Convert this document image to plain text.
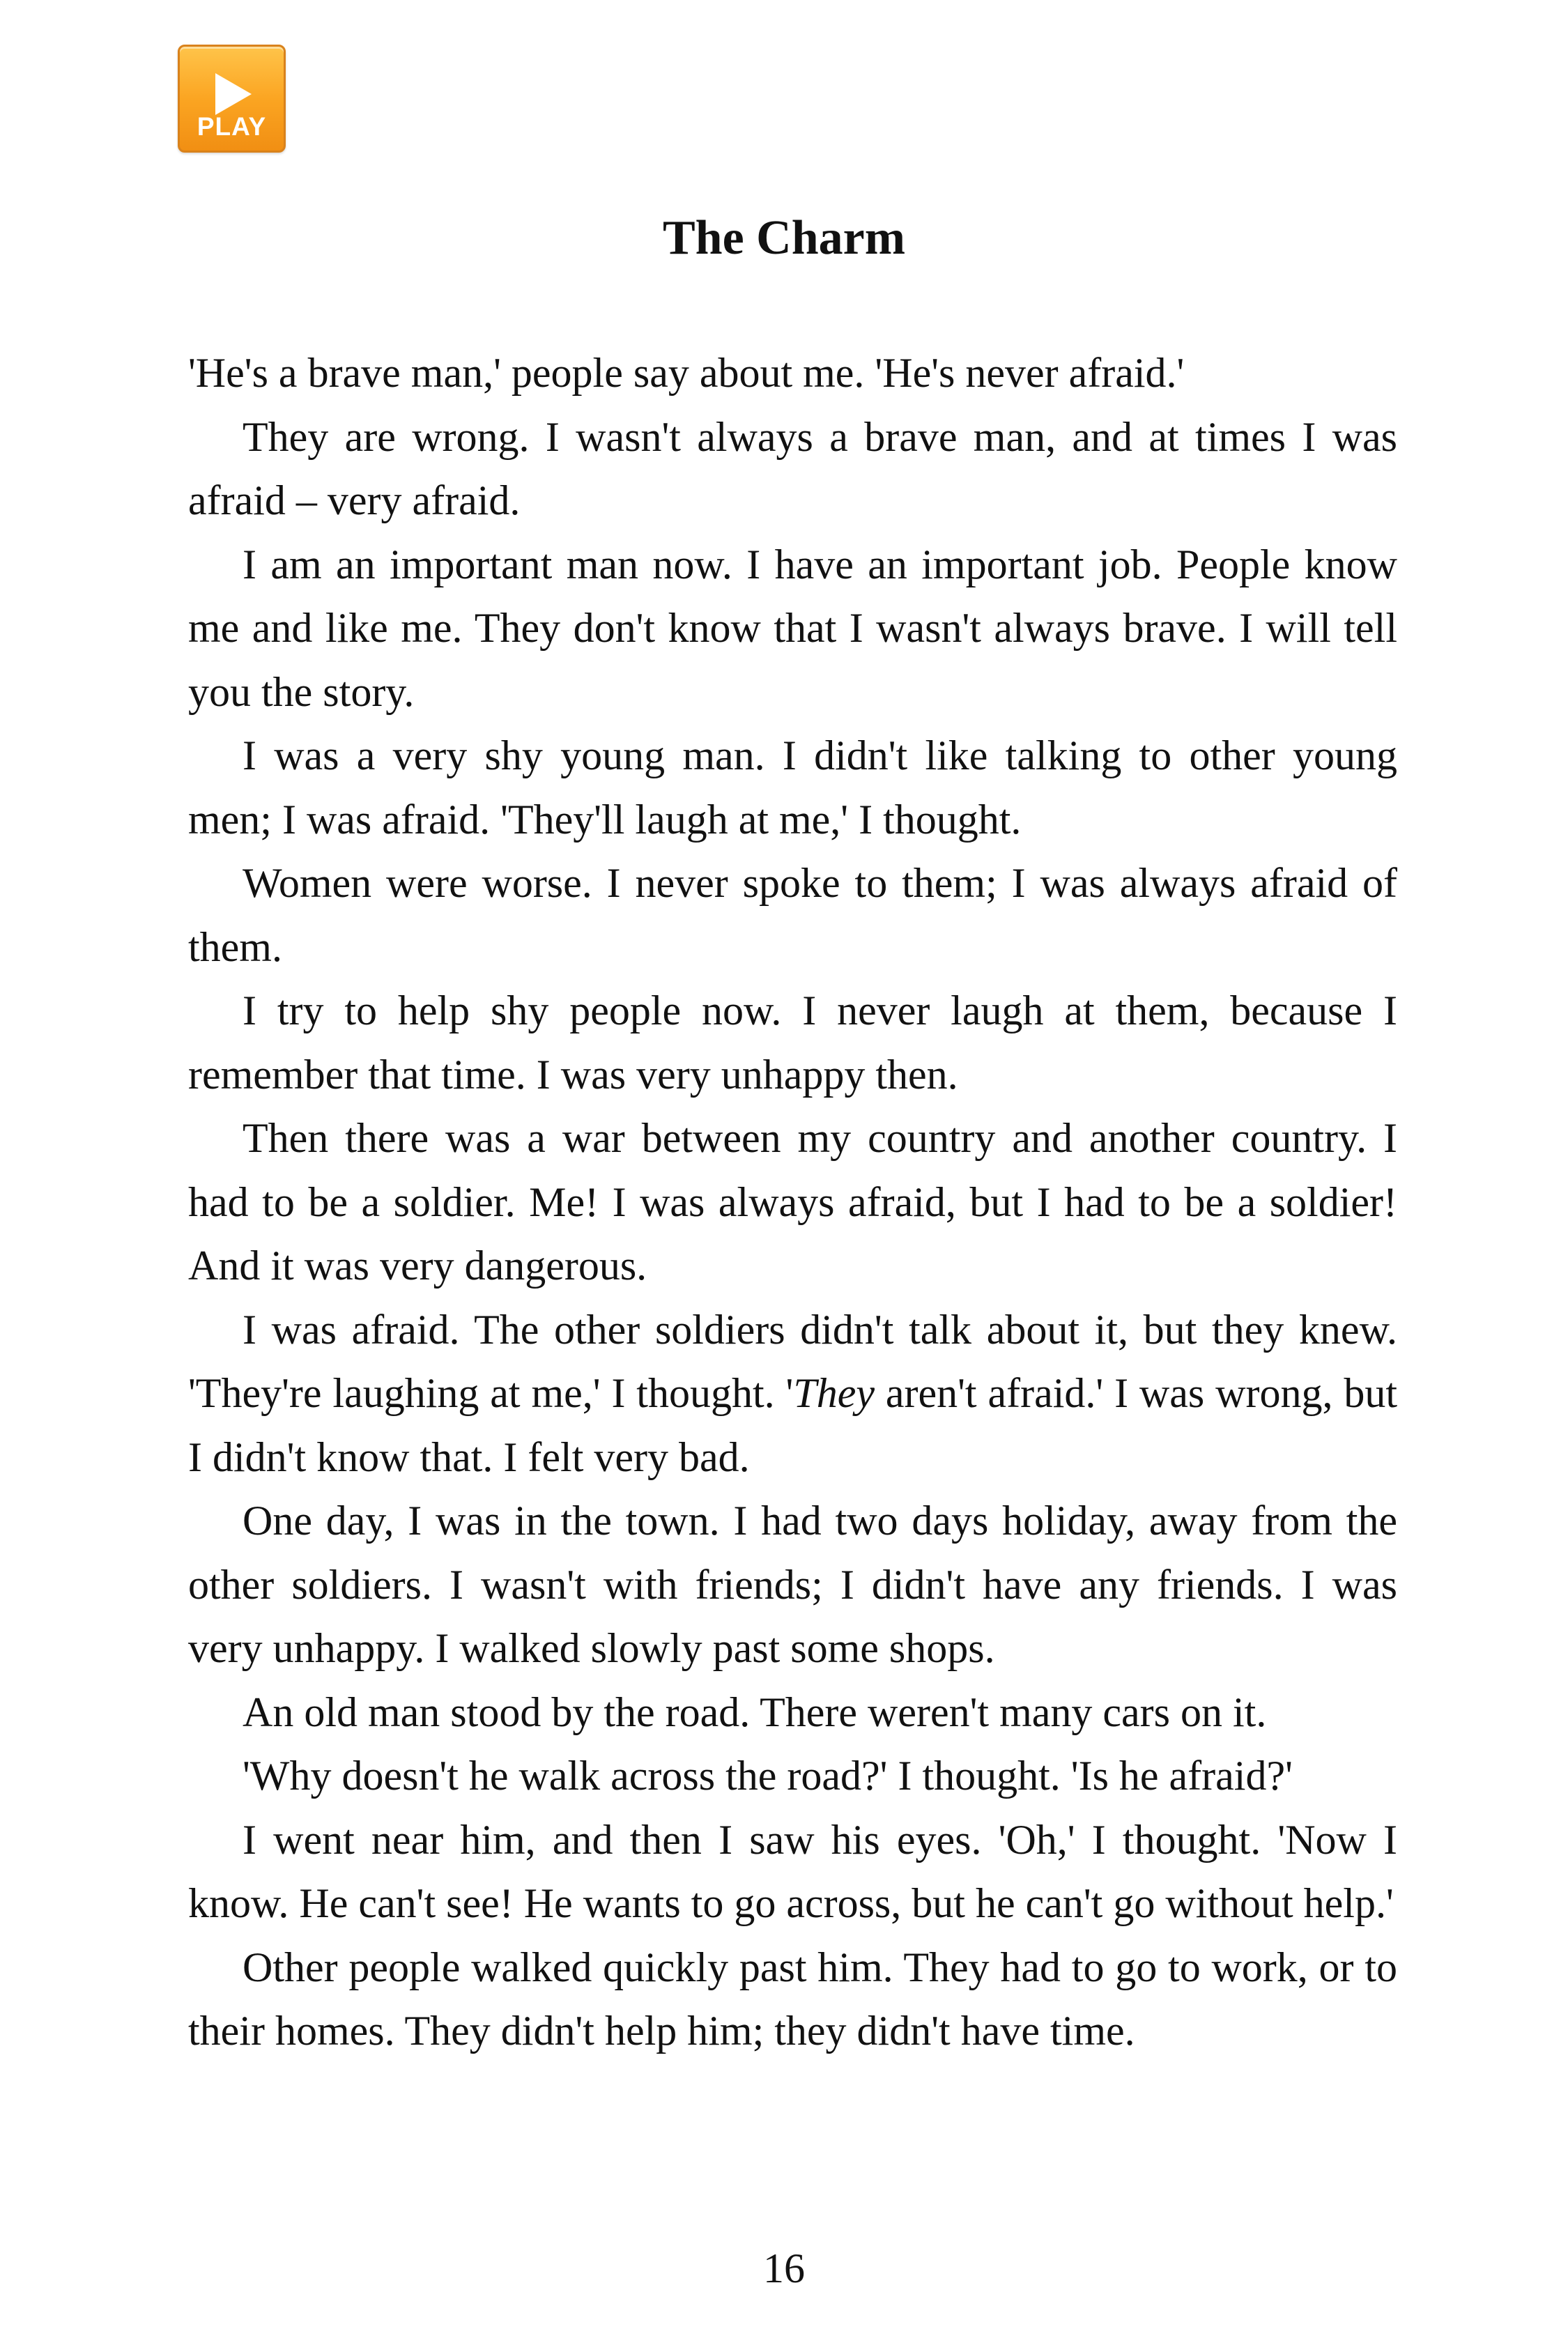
PLAY
The Charm

'He's a brave man,' people say about me. 'He's never afraid.'

They are wrong. I wasn't always a brave man, and at times I was afraid – very afraid.

I am an important man now. I have an important job. People know me and like me. They don't know that I wasn't always brave. I will tell you the story.

I was a very shy young man. I didn't like talking to other young men; I was afraid. 'They'll laugh at me,' I thought.

Women were worse. I never spoke to them; I was always afraid of them.

I try to help shy people now. I never laugh at them, because I remember that time. I was very unhappy then.

Then there was a war between my country and another country. I had to be a soldier. Me! I was always afraid, but I had to be a soldier! And it was very dangerous.

I was afraid. The other soldiers didn't talk about it, but they knew. 'They're laughing at me,' I thought. 'They aren't afraid.' I was wrong, but I didn't know that. I felt very bad.

One day, I was in the town. I had two days holiday, away from the other soldiers. I wasn't with friends; I didn't have any friends. I was very unhappy. I walked slowly past some shops.

An old man stood by the road. There weren't many cars on it.

'Why doesn't he walk across the road?' I thought. 'Is he afraid?'

I went near him, and then I saw his eyes. 'Oh,' I thought. 'Now I know. He can't see! He wants to go across, but he can't go without help.'

Other people walked quickly past him. They had to go to work, or to their homes. They didn't help him; they didn't have time.

16
